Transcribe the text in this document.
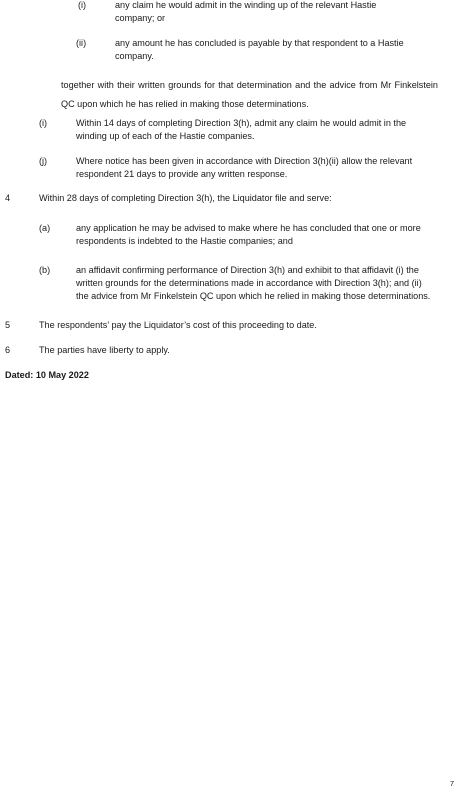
(i)	any claim he would admit in the winding up of the relevant Hastie company; or
(ii)	any amount he has concluded is payable by that respondent to a Hastie company.
together with their written grounds for that determination and the advice from Mr Finkelstein QC upon which he has relied in making those determinations.
(i)	Within 14 days of completing Direction 3(h), admit any claim he would admit in the winding up of each of the Hastie companies.
(j)	Where notice has been given in accordance with Direction 3(h)(ii) allow the relevant respondent 21 days to provide any written response.
4	Within 28 days of completing Direction 3(h), the Liquidator file and serve:
(a)	any application he may be advised to make where he has concluded that one or more respondents is indebted to the Hastie companies; and
(b)	an affidavit confirming performance of Direction 3(h) and exhibit to that affidavit (i) the written grounds for the determinations made in accordance with Direction 3(h); and (ii) the advice from Mr Finkelstein QC upon which he relied in making those determinations.
5	The respondents’ pay the Liquidator’s cost of this proceeding to date.
6	The parties have liberty to apply.
Dated: 10 May 2022
7
